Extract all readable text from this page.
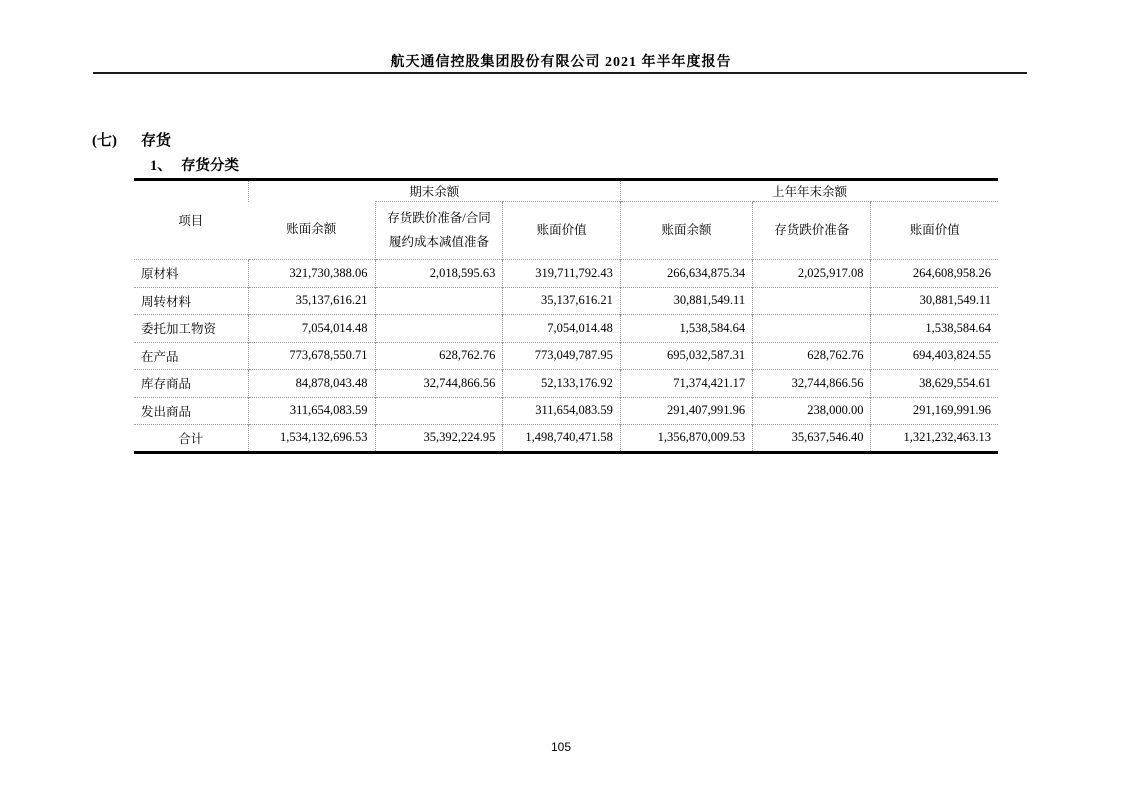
航天通信控股集团股份有限公司 2021 年半年度报告
(七) 存货
1、 存货分类
项目	期末余额			上年年末余额		
	账面余额	存货跌价准备/合同履约成本减值准备	账面价值	账面余额	存货跌价准备	账面价值
原材料	321,730,388.06	2,018,595.63	319,711,792.43	266,634,875.34	2,025,917.08	264,608,958.26
周转材料	35,137,616.21		35,137,616.21	30,881,549.11		30,881,549.11
委托加工物资	7,054,014.48		7,054,014.48	1,538,584.64		1,538,584.64
在产品	773,678,550.71	628,762.76	773,049,787.95	695,032,587.31	628,762.76	694,403,824.55
库存商品	84,878,043.48	32,744,866.56	52,133,176.92	71,374,421.17	32,744,866.56	38,629,554.61
发出商品	311,654,083.59		311,654,083.59	291,407,991.96	238,000.00	291,169,991.96
合计	1,534,132,696.53	35,392,224.95	1,498,740,471.58	1,356,870,009.53	35,637,546.40	1,321,232,463.13
105
